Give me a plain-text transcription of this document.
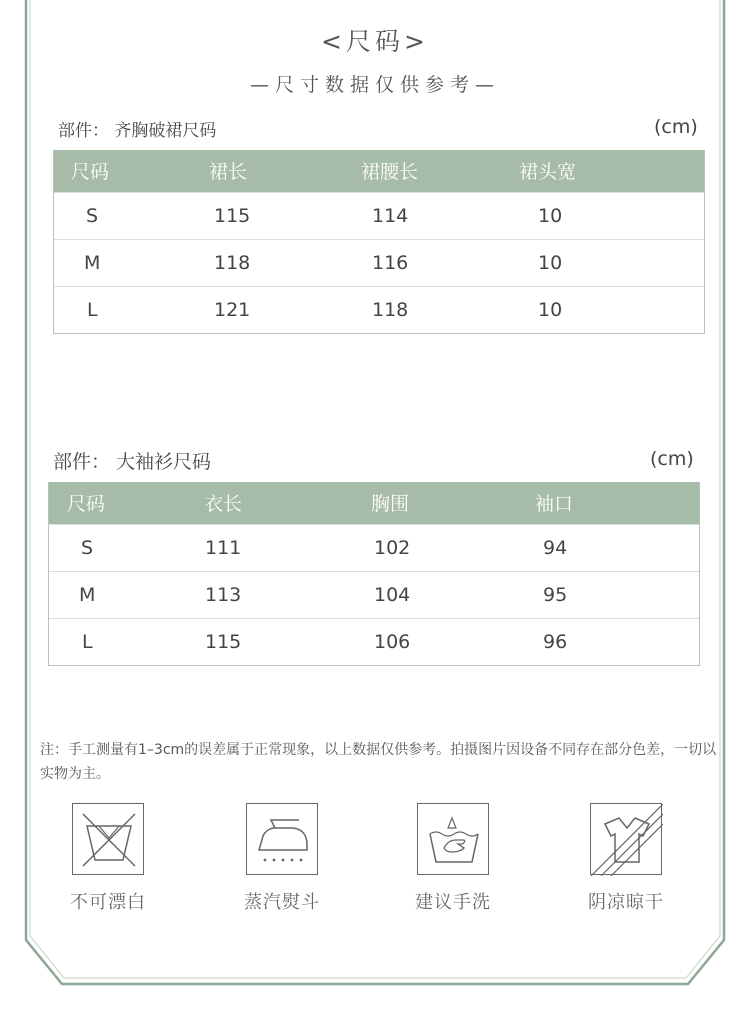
<尺码>
—尺寸数据仅供参考—
部件： 齐胸破裙尺码	(cm)
尺码	裙长	裙腰长	裙头宽
S	115	114	10
M	118	116	10
L	121	118	10
部件： 大袖衫尺码	(cm)
尺码	衣长	胸围	袖口
S	111	102	94
M	113	104	95
L	115	106	96
注：手工测量有1–3cm的误差属于正常现象，以上数据仅供参考。拍摄图片因设备不同存在部分色差，一切以实物为主。
不可漂白	蒸汽熨斗	建议手洗	阴凉晾干
